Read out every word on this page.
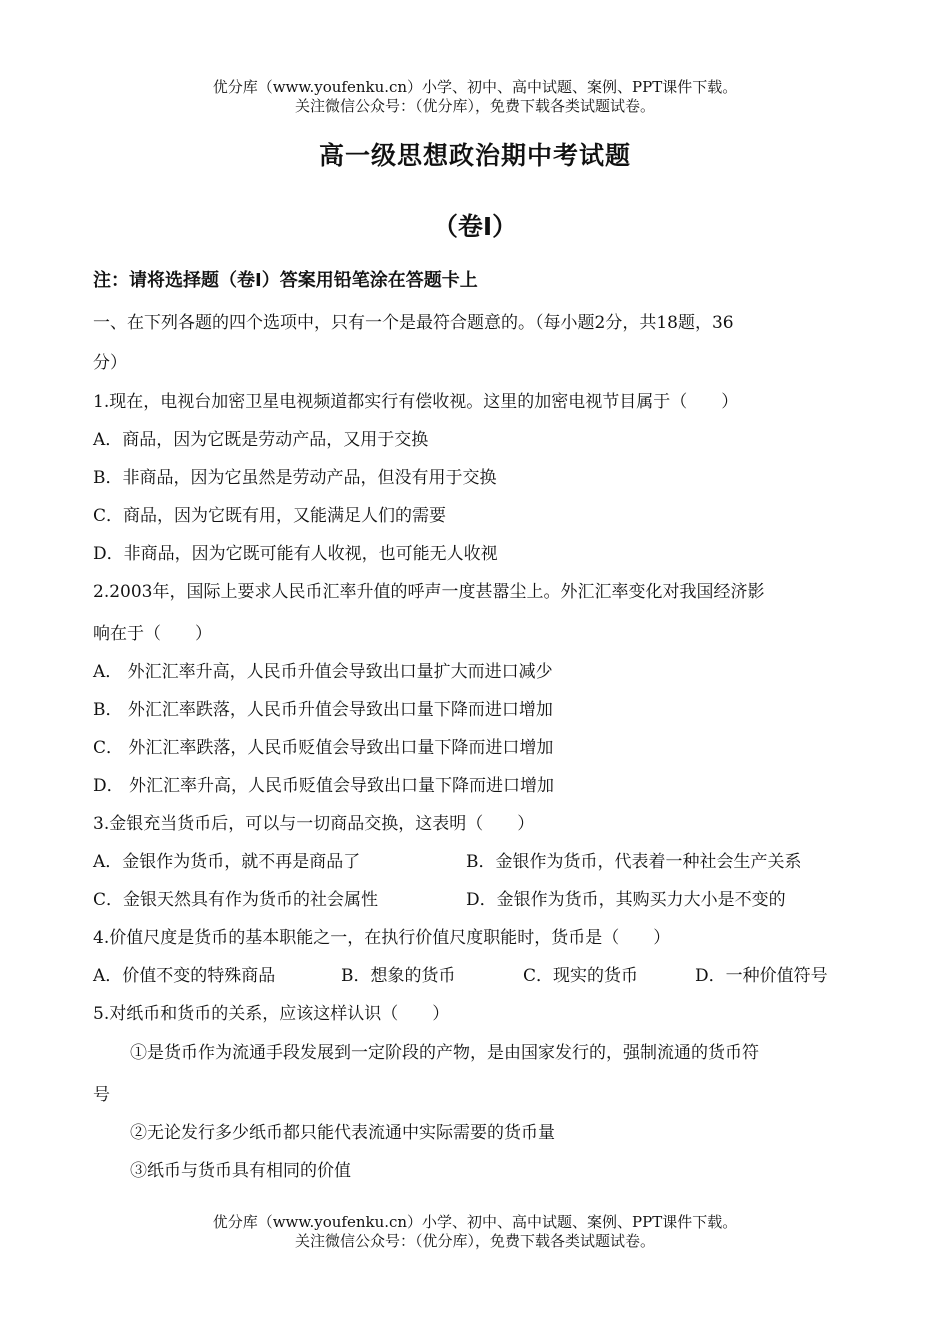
优分库（www.youfenku.cn）小学、初中、高中试题、案例、PPT课件下载。
关注微信公众号：（优分库），免费下载各类试题试卷。
高一级思想政治期中考试题
（卷Ⅰ）
注：请将选择题（卷Ⅰ）答案用铅笔涂在答题卡上
一、在下列各题的四个选项中，只有一个是最符合题意的。（每小题2分，共18题，36
分）
1.现在，电视台加密卫星电视频道都实行有偿收视。这里的加密电视节目属于（　　）
A．商品，因为它既是劳动产品，又用于交换
B．非商品，因为它虽然是劳动产品，但没有用于交换
C．商品，因为它既有用，又能满足人们的需要
D．非商品，因为它既可能有人收视，也可能无人收视
2.2003年，国际上要求人民币汇率升值的呼声一度甚嚣尘上。外汇汇率变化对我国经济影
响在于（　　）
A． 外汇汇率升高，人民币升值会导致出口量扩大而进口减少
B． 外汇汇率跌落，人民币升值会导致出口量下降而进口增加
C． 外汇汇率跌落，人民币贬值会导致出口量下降而进口增加
D． 外汇汇率升高，人民币贬值会导致出口量下降而进口增加
3.金银充当货币后，可以与一切商品交换，这表明（　　）
A．金银作为货币，就不再是商品了	B．金银作为货币，代表着一种社会生产关系
C．金银天然具有作为货币的社会属性	D．金银作为货币，其购买力大小是不变的
4.价值尺度是货币的基本职能之一，在执行价值尺度职能时，货币是（　　）
A．价值不变的特殊商品	B．想象的货币	C．现实的货币	D．一种价值符号
5.对纸币和货币的关系，应该这样认识（　　）
①是货币作为流通手段发展到一定阶段的产物，是由国家发行的，强制流通的货币符
号
②无论发行多少纸币都只能代表流通中实际需要的货币量
③纸币与货币具有相同的价值
优分库（www.youfenku.cn）小学、初中、高中试题、案例、PPT课件下载。
关注微信公众号：（优分库），免费下载各类试题试卷。
